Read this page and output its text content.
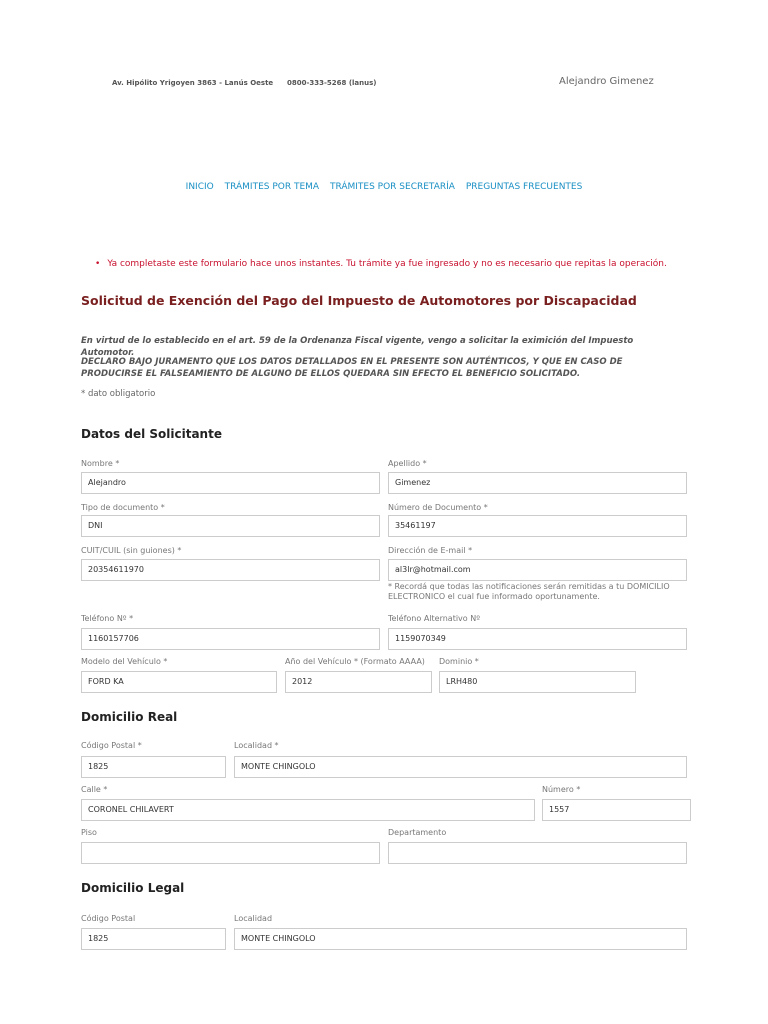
Av. Hipólito Yrigoyen 3863 - Lanús Oeste 0800-333-5268 (lanus)	Alejandro Gimenez
INICIO TRÁMITES POR TEMA TRÁMITES POR SECRETARÍA PREGUNTAS FRECUENTES
• Ya completaste este formulario hace unos instantes. Tu trámite ya fue ingresado y no es necesario que repitas la operación.
Solicitud de Exención del Pago del Impuesto de Automotores por Discapacidad
En virtud de lo establecido en el art. 59 de la Ordenanza Fiscal vigente, vengo a solicitar la eximición del Impuesto Automotor.
DECLARO BAJO JURAMENTO QUE LOS DATOS DETALLADOS EN EL PRESENTE SON AUTÉNTICOS, Y QUE EN CASO DE PRODUCIRSE EL FALSEAMIENTO DE ALGUNO DE ELLOS QUEDARA SIN EFECTO EL BENEFICIO SOLICITADO.
* dato obligatorio
Datos del Solicitante
Nombre *
Alejandro
Apellido *
Gimenez
Tipo de documento *
DNI
Número de Documento *
35461197
CUIT/CUIL (sin guiones) *
20354611970
Dirección de E-mail *
al3lr@hotmail.com
* Recordá que todas las notificaciones serán remitidas a tu DOMICILIO ELECTRONICO el cual fue informado oportunamente.
Teléfono Nº *
1160157706
Teléfono Alternativo Nº
1159070349
Modelo del Vehículo *
FORD KA
Año del Vehículo * (Formato AAAA)
2012
Dominio *
LRH480
Domicilio Real
Código Postal *
1825
Localidad *
MONTE CHINGOLO
Calle *
CORONEL CHILAVERT
Número *
1557
Piso	Departamento
Domicilio Legal
Código Postal
1825
Localidad
MONTE CHINGOLO
